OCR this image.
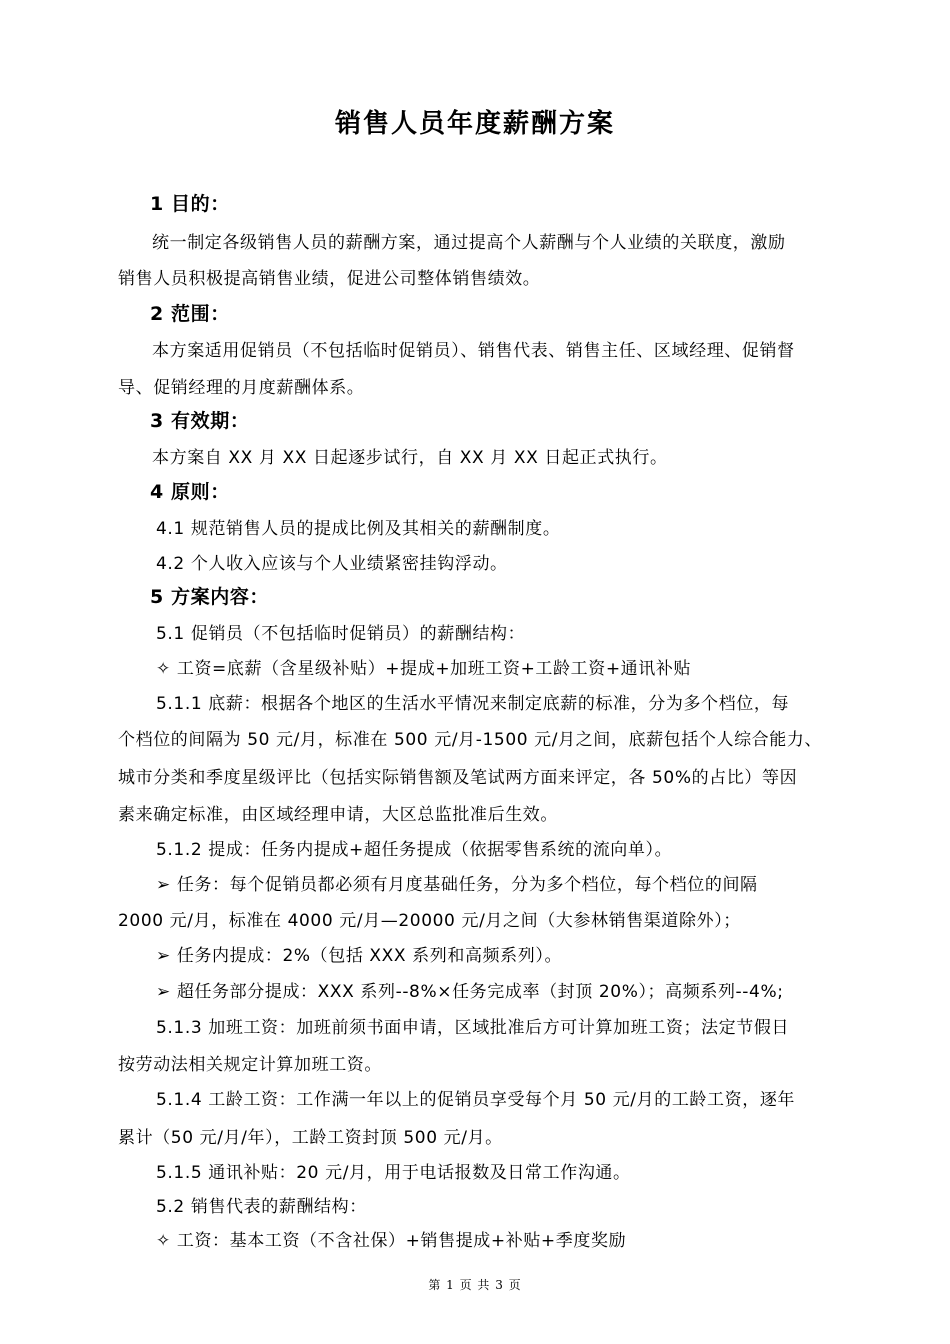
销售人员年度薪酬方案
1 目的：
统一制定各级销售人员的薪酬方案，通过提高个人薪酬与个人业绩的关联度，激励
销售人员积极提高销售业绩，促进公司整体销售绩效。
2 范围：
本方案适用促销员（不包括临时促销员）、销售代表、销售主任、区域经理、促销督
导、促销经理的月度薪酬体系。
3 有效期：
本方案自 XX 月 XX 日起逐步试行，自 XX 月 XX 日起正式执行。
4 原则：
4.1 规范销售人员的提成比例及其相关的薪酬制度。
4.2 个人收入应该与个人业绩紧密挂钩浮动。
5 方案内容：
5.1 促销员（不包括临时促销员）的薪酬结构：
✧ 工资=底薪（含星级补贴）+提成+加班工资+工龄工资+通讯补贴
5.1.1 底薪：根据各个地区的生活水平情况来制定底薪的标准，分为多个档位，每
个档位的间隔为 50 元/月，标准在 500 元/月-1500 元/月之间，底薪包括个人综合能力、
城市分类和季度星级评比（包括实际销售额及笔试两方面来评定，各 50%的占比）等因
素来确定标准，由区域经理申请，大区总监批准后生效。
5.1.2 提成：任务内提成+超任务提成（依据零售系统的流向单）。
➢ 任务：每个促销员都必须有月度基础任务，分为多个档位，每个档位的间隔
2000 元/月，标准在 4000 元/月—20000 元/月之间（大参林销售渠道除外）；
➢ 任务内提成：2%（包括 XXX 系列和高频系列）。
➢ 超任务部分提成：XXX 系列--8%×任务完成率（封顶 20%）；高频系列--4%;
5.1.3 加班工资：加班前须书面申请，区域批准后方可计算加班工资；法定节假日
按劳动法相关规定计算加班工资。
5.1.4 工龄工资：工作满一年以上的促销员享受每个月 50 元/月的工龄工资，逐年
累计（50 元/月/年），工龄工资封顶 500 元/月。
5.1.5 通讯补贴：20 元/月，用于电话报数及日常工作沟通。
5.2 销售代表的薪酬结构：
✧ 工资：基本工资（不含社保）+销售提成+补贴+季度奖励
第 1 页 共 3 页
